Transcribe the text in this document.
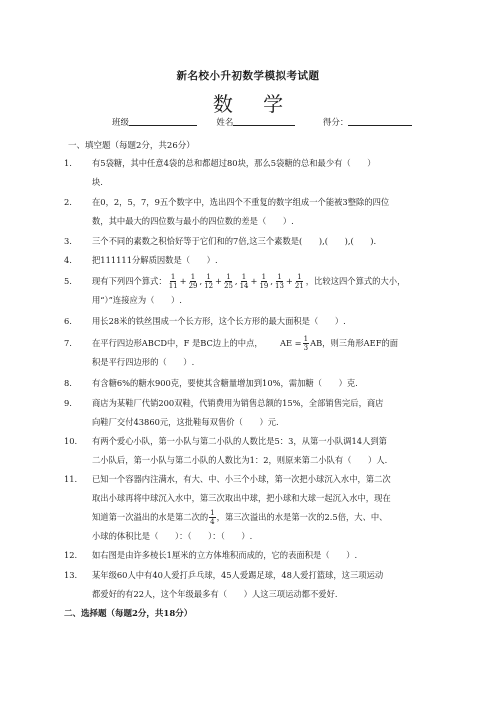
新名校小升初数学模拟考试题
数 学
班级	姓名	得分：
一、填空题（每题2分，共26分）
1.	有5袋糖，其中任意4袋的总和都超过80块，那么5袋糖的总和最少有（　　）
块.
2.	在0，2，5，7，9五个数字中，选出四个不重复的数字组成一个能被3整除的四位
数，其中最大的四位数与最小的四位数的差是（　　）.
3.	三个不同的素数之积恰好等于它们和的7倍,这三个素数是(　　),(　　),(　　).
4.	把111111分解质因数是（　　）.
5.	现有下列四个算式： $\frac{1}{11} + \frac{1}{29}$ , $\frac{1}{12} + \frac{1}{25}$ , $\frac{1}{14} + \frac{1}{19}$ , $\frac{1}{13} + \frac{1}{21}$ ，比较这四个算式的大小，
用“）”连接应为（　　）.
6.	用长28米的铁丝围成一个长方形，这个长方形的最大面积是（　　）.
7.	在平行四边形ABCD中，F 是BC边上的中点， AE = $\frac{1}{3}$ AB，则三角形AEF的面
积是平行四边形的（　　）.
8.	有含糖6%的糖水900克，要使其含糖量增加到10%，需加糖（　　）克.
9.	商店为某鞋厂代销200双鞋，代销费用为销售总额的15%，全部销售完后，商店
向鞋厂交付43860元，这批鞋每双售价（　　）元.
10.	有两个爱心小队，第一小队与第二小队的人数比是5：3，从第一小队调14人到第
二小队后，第一小队与第二小队的人数比为1：2，则原来第二小队有（　　）人.
11.	已知一个容器内注满水，有大、中、小三个小球，第一次把小球沉入水中，第二次
取出小球再将中球沉入水中，第三次取出中球，把小球和大球一起沉入水中，现在
知道第一次溢出的水是第二次的 $\frac{1}{4}$ ，第三次溢出的水是第一次的2.5倍，大、中、
小球的体积比是（　　）：（　　）：（　　）.
12.	如右图是由许多棱长1厘米的立方体堆积而成的，它的表面积是（　　）.
13.	某年级60人中有40人爱打乒乓球，45人爱踢足球，48人爱打篮球，这三项运动
都爱好的有22人，这个年级最多有（　　）人这三项运动都不爱好.
二、选择题（每题2分，共18分）
